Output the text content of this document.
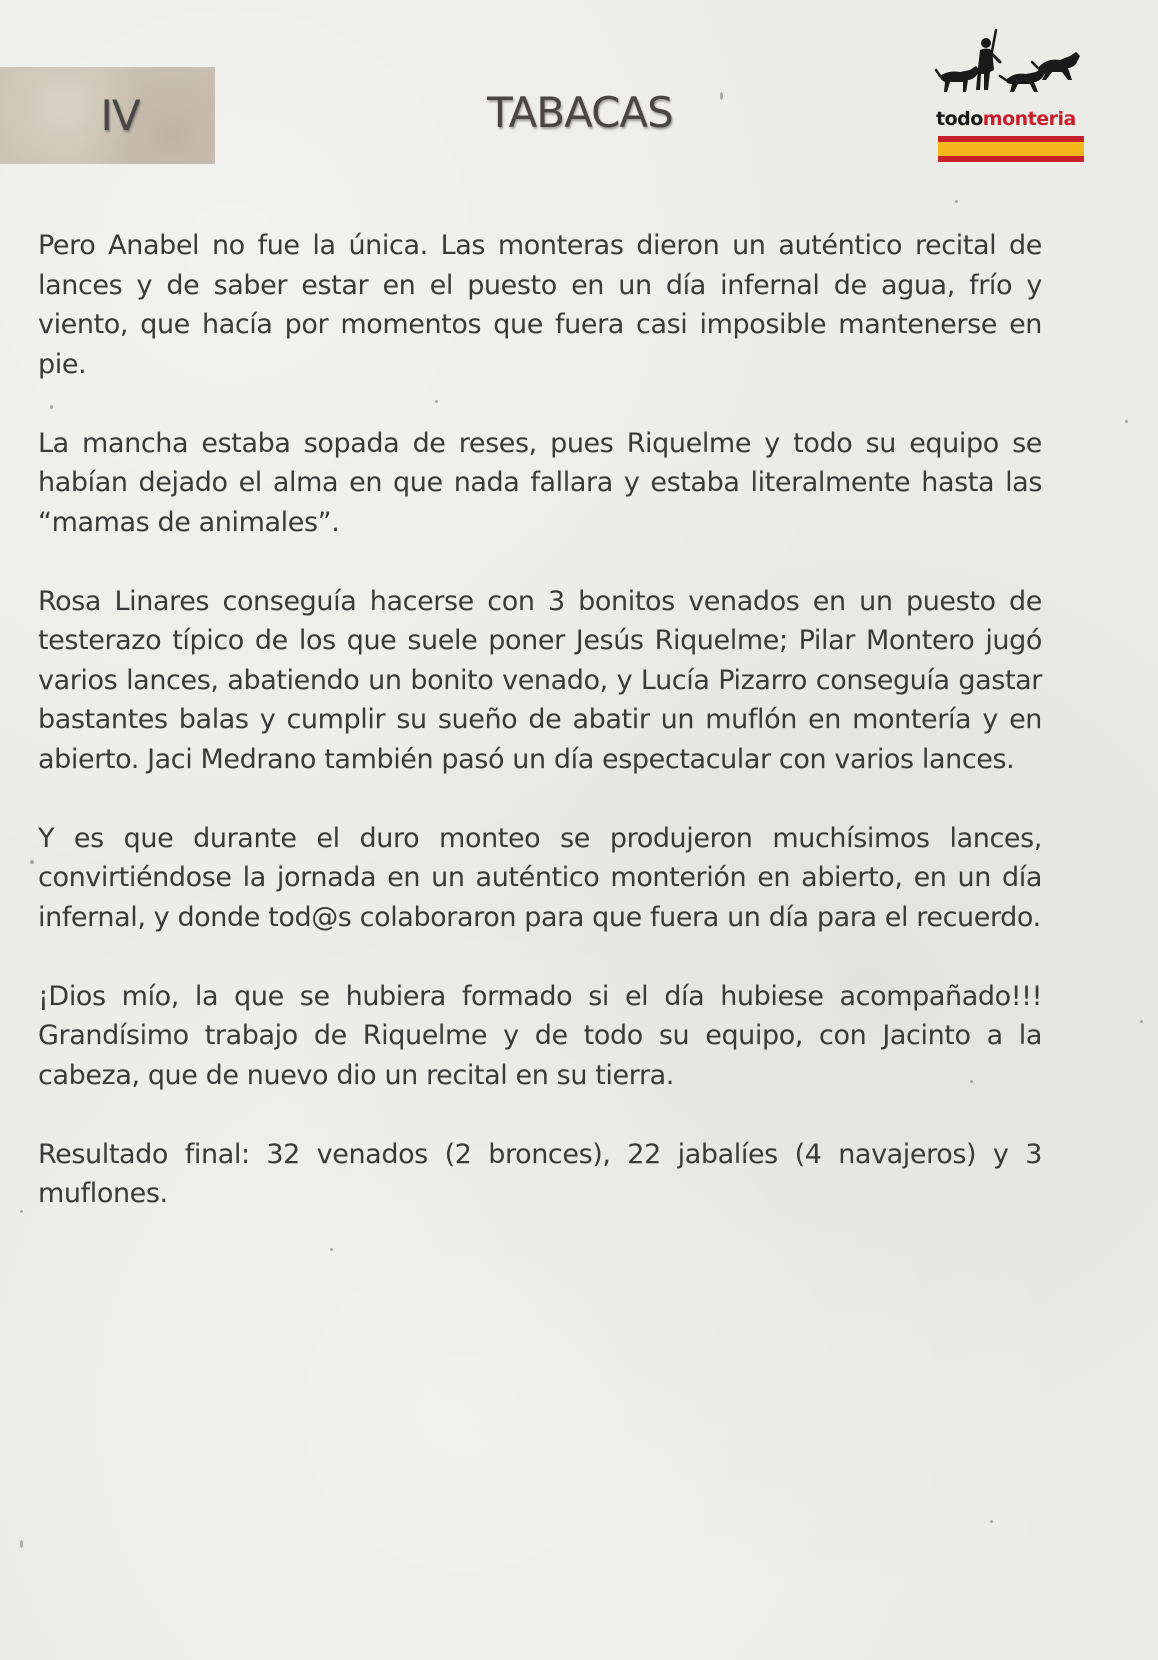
IV	TABACAS	todomonteria

Pero Anabel no fue la única. Las monteras dieron un auténtico recital de lances y de saber estar en el puesto en un día infernal de agua, frío y viento, que hacía por momentos que fuera casi imposible mantenerse en pie.

La mancha estaba sopada de reses, pues Riquelme y todo su equipo se habían dejado el alma en que nada fallara y estaba literalmente hasta las “mamas de animales”.

Rosa Linares conseguía hacerse con 3 bonitos venados en un puesto de testerazo típico de los que suele poner Jesús Riquelme; Pilar Montero jugó varios lances, abatiendo un bonito venado, y Lucía Pizarro conseguía gastar bastantes balas y cumplir su sueño de abatir un muflón en montería y en abierto. Jaci Medrano también pasó un día espectacular con varios lances.

Y es que durante el duro monteo se produjeron muchísimos lances, convirtiéndose la jornada en un auténtico monterión en abierto, en un día infernal, y donde tod@s colaboraron para que fuera un día para el recuerdo.

¡Dios mío, la que se hubiera formado si el día hubiese acompañado!!! Grandísimo trabajo de Riquelme y de todo su equipo, con Jacinto a la cabeza, que de nuevo dio un recital en su tierra.

Resultado final: 32 venados (2 bronces), 22 jabalíes (4 navajeros) y 3 muflones.
